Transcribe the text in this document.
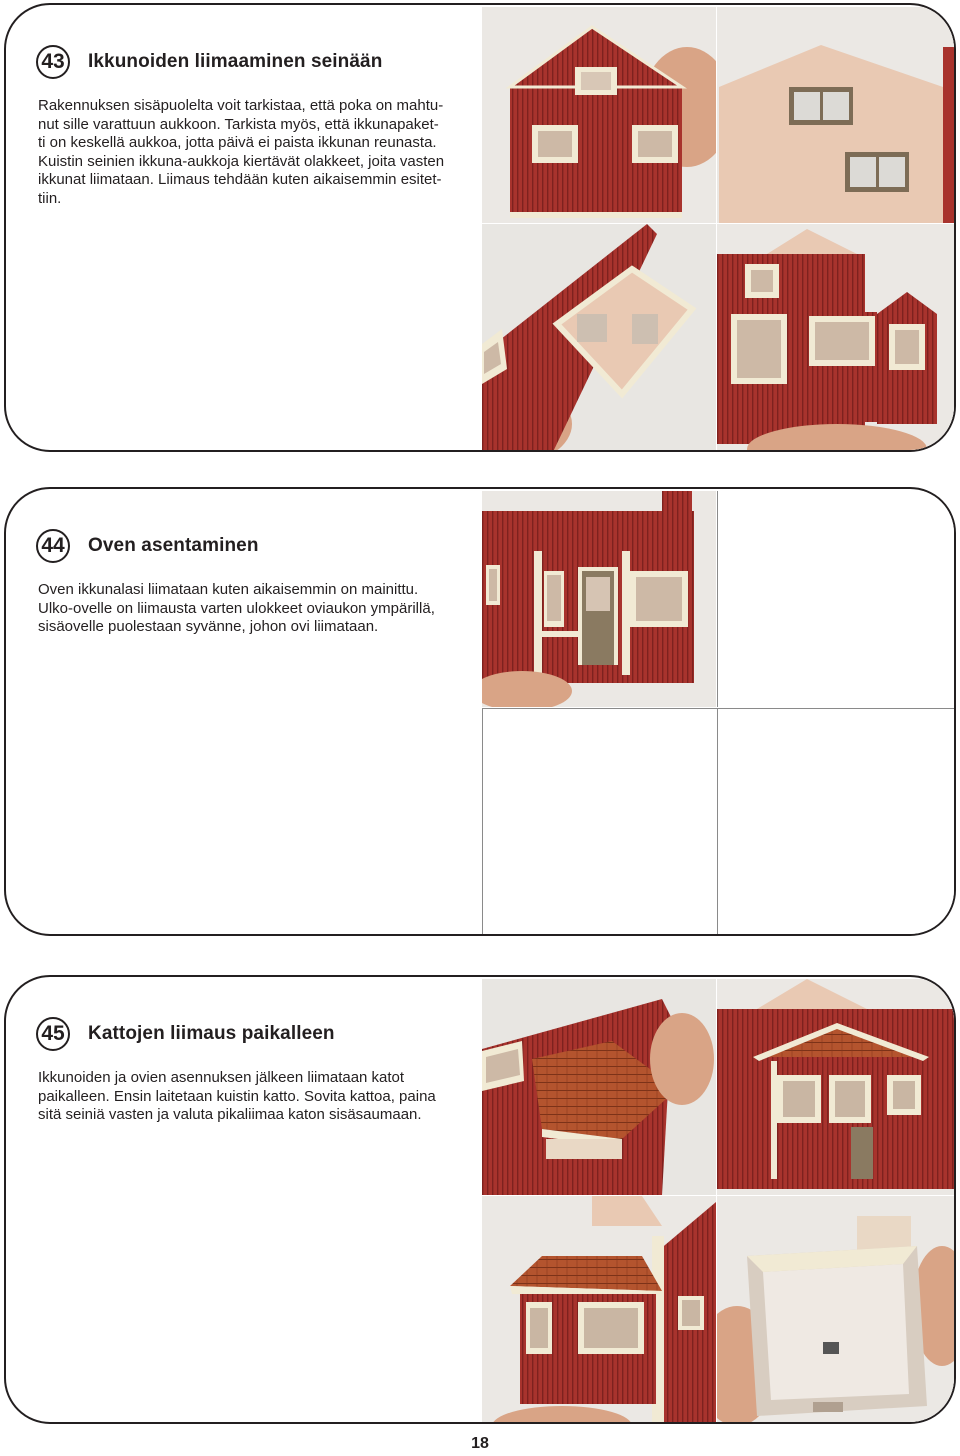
43 Ikkunoiden liimaaminen seinään
Rakennuksen sisäpuolelta voit tarkistaa, että poka on mahtu-
nut sille varattuun aukkoon. Tarkista myös, että ikkunapaket-
ti on keskellä aukkoa, jotta päivä ei paista ikkunan reunasta.
Kuistin seinien ikkuna-aukkoja kiertävät olakkeet, joita vasten
ikkunat liimataan. Liimaus tehdään kuten aikaisemmin esitet-
tiin.
44 Oven asentaminen
Oven ikkunalasi liimataan kuten aikaisemmin on mainittu.
Ulko-ovelle on liimausta varten ulokkeet oviaukon ympärillä,
sisäovelle puolestaan syvänne, johon ovi liimataan.
45 Kattojen liimaus paikalleen
Ikkunoiden ja ovien asennuksen jälkeen liimataan katot
paikalleen. Ensin laitetaan kuistin katto. Sovita kattoa, paina
sitä seiniä vasten ja valuta pikaliimaa katon sisäsaumaan.
18
